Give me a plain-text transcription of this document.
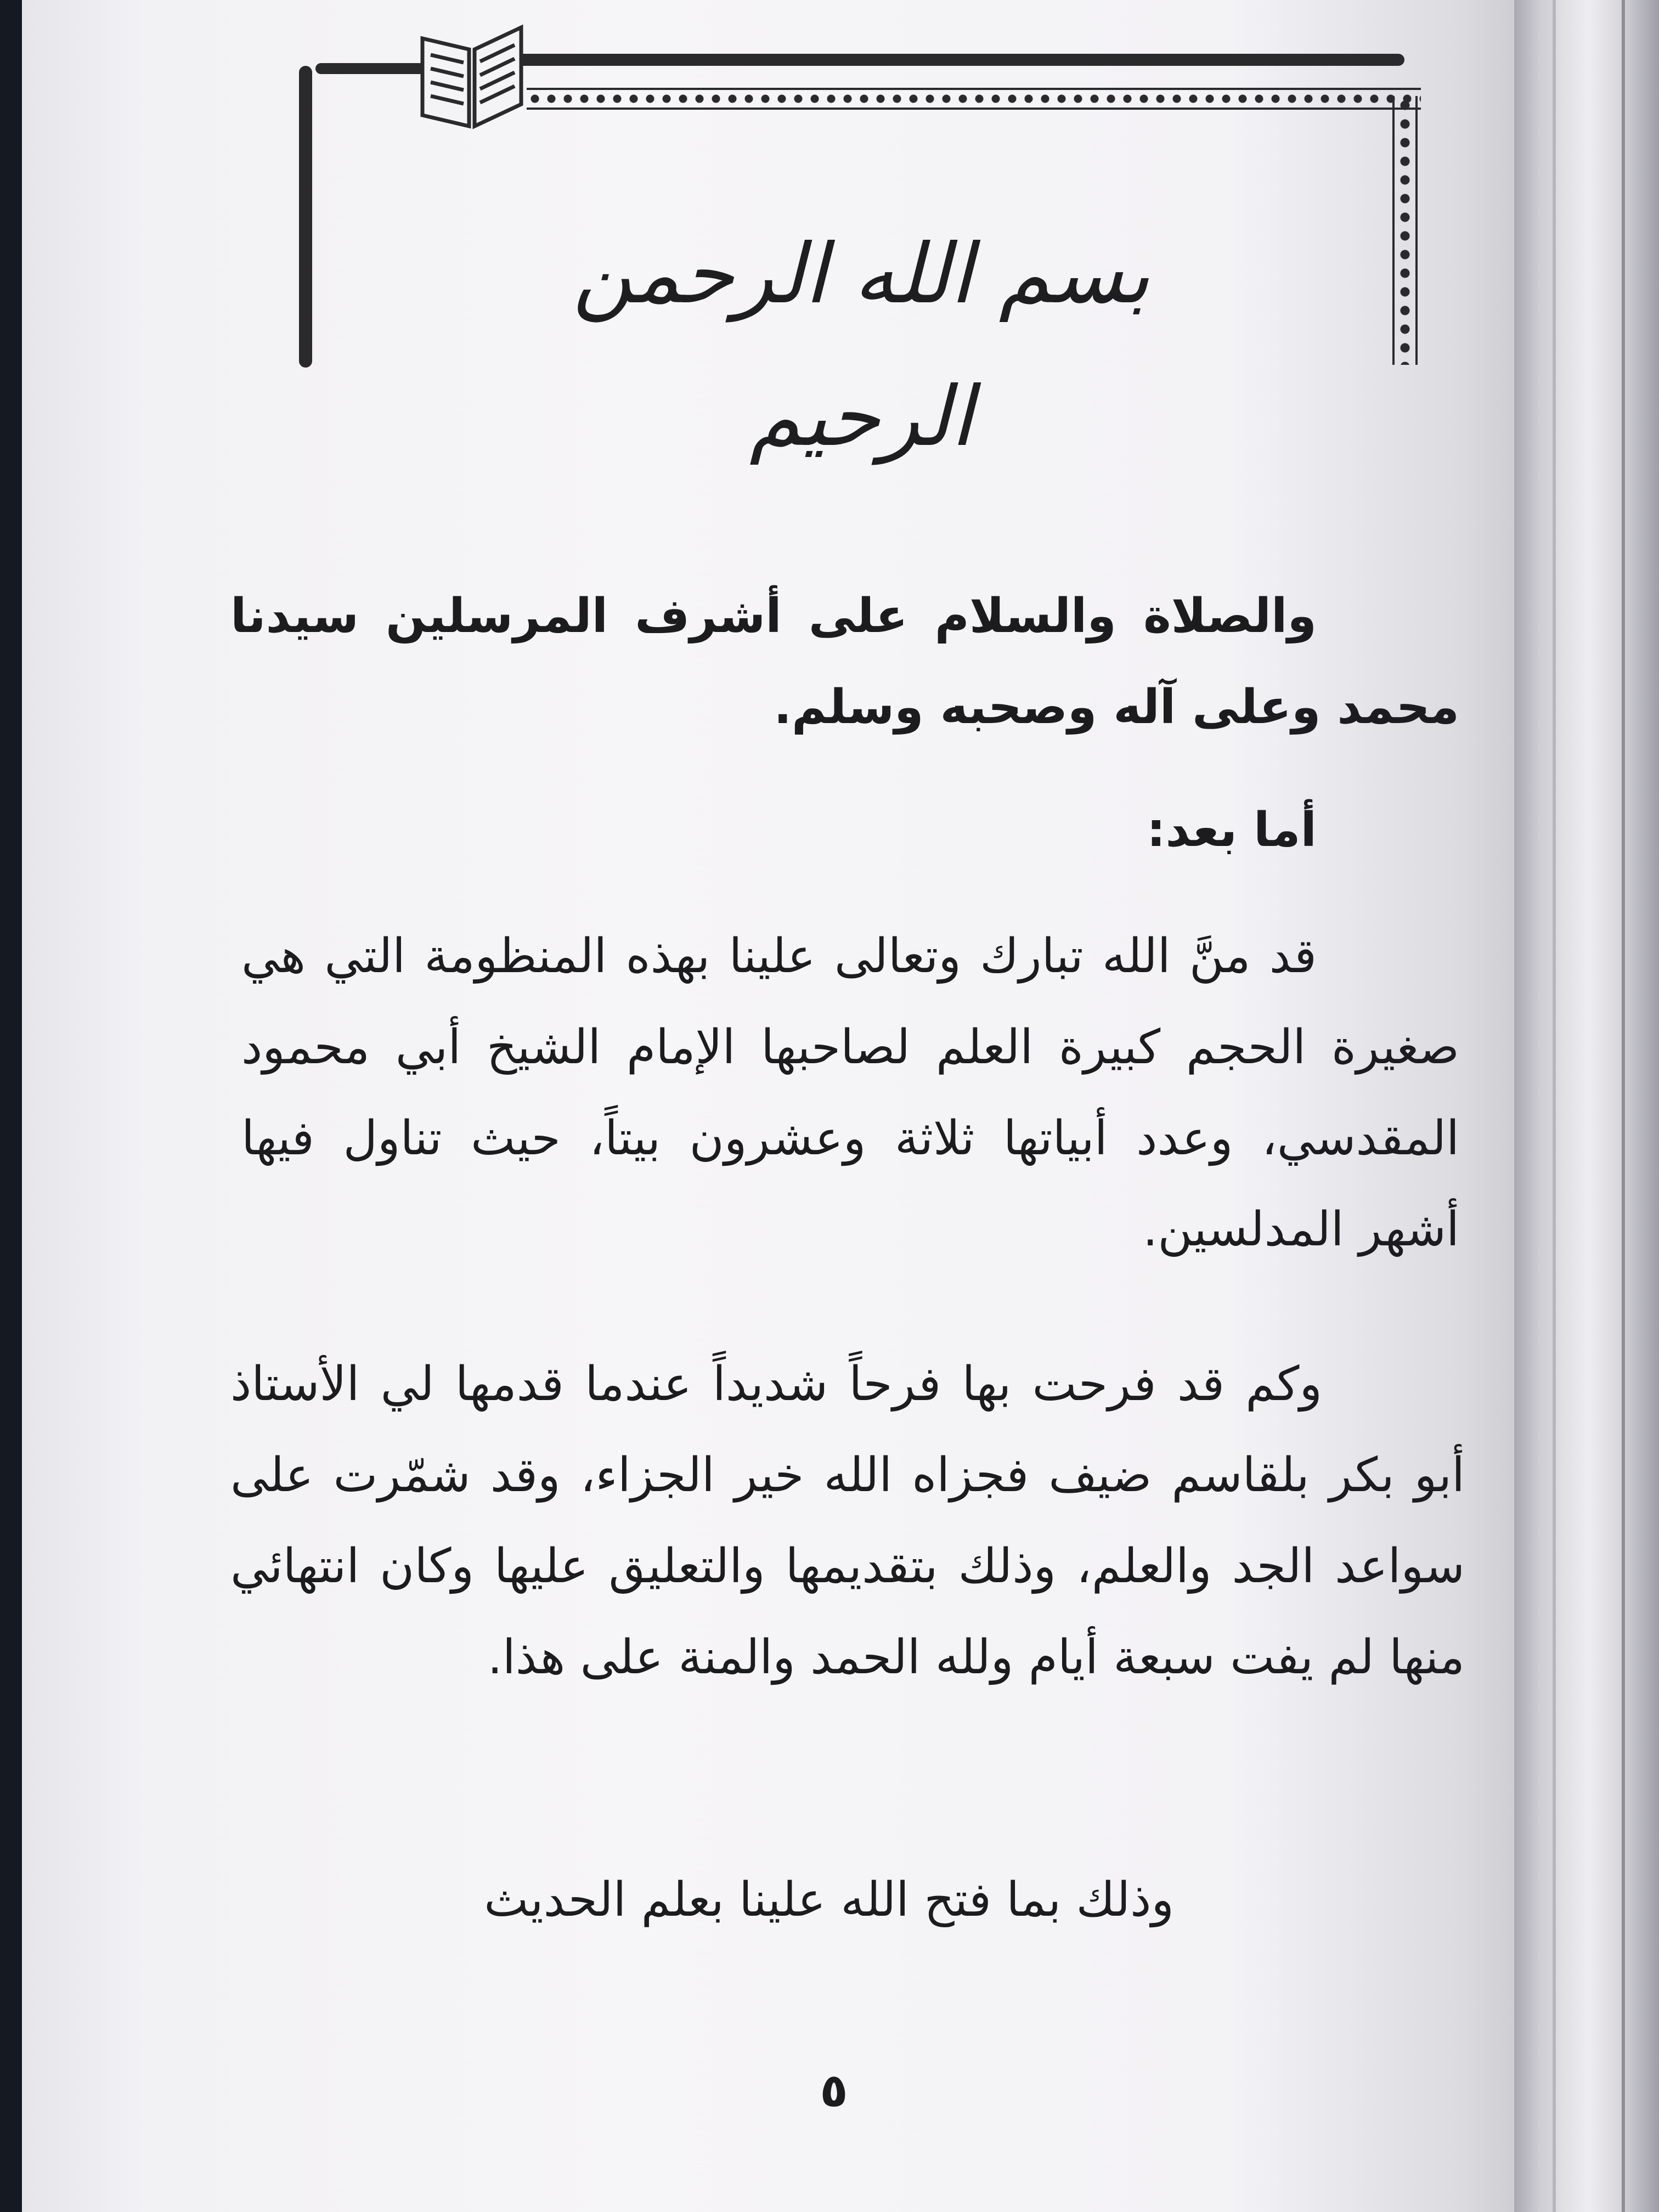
بسم الله الرحمن الرحيم
والصلاة والسلام على أشرف المرسلين سيدنا محمد وعلى آله وصحبه وسلم.
أما بعد:
قد منَّ الله تبارك وتعالى علينا بهذه المنظومة التي هي صغيرة الحجم كبيرة العلم لصاحبها الإمام الشيخ أبي محمود المقدسي، وعدد أبياتها ثلاثة وعشرون بيتاً، حيث تناول فيها أشهر المدلسين.
وكم قد فرحت بها فرحاً شديداً عندما قدمها لي الأستاذ أبو بكر بلقاسم ضيف فجزاه الله خير الجزاء، وقد شمّرت على سواعد الجد والعلم، وذلك بتقديمها والتعليق عليها وكان انتهائي منها لم يفت سبعة أيام ولله الحمد والمنة على هذا.
وذلك بما فتح الله علينا بعلم الحديث
٥
